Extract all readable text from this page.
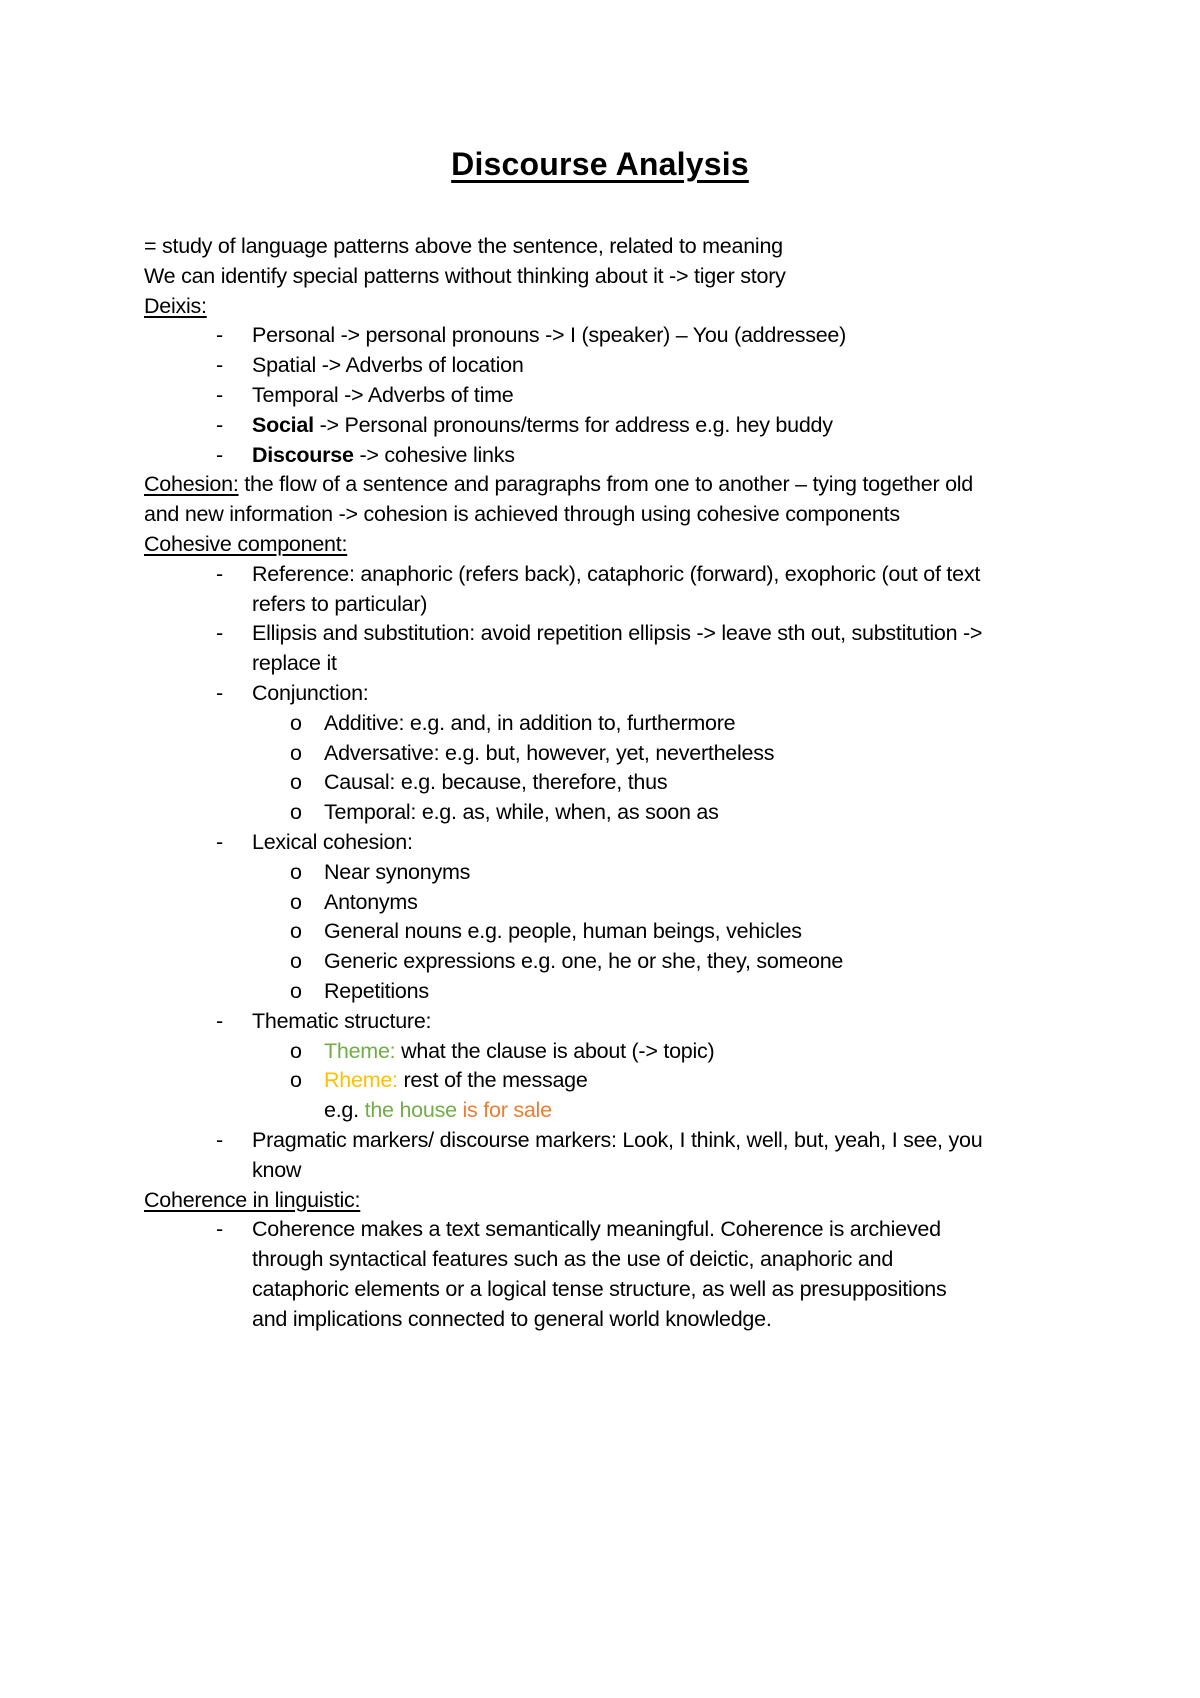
Discourse Analysis

= study of language patterns above the sentence, related to meaning

We can identify special patterns without thinking about it -> tiger story

Deixis:

- Personal -> personal pronouns -> I (speaker) – You (addressee)

- Spatial -> Adverbs of location

- Temporal -> Adverbs of time

- Social -> Personal pronouns/terms for address e.g. hey buddy

- Discourse -> cohesive links

Cohesion: the flow of a sentence and paragraphs from one to another – tying together old and new information -> cohesion is achieved through using cohesive components

Cohesive component:

- Reference: anaphoric (refers back), cataphoric (forward), exophoric (out of text refers to particular)

- Ellipsis and substitution: avoid repetition ellipsis -> leave sth out, substitution -> replace it

- Conjunction:

o Additive: e.g. and, in addition to, furthermore

o Adversative: e.g. but, however, yet, nevertheless

o Causal: e.g. because, therefore, thus

o Temporal: e.g. as, while, when, as soon as

- Lexical cohesion:

o Near synonyms

o Antonyms

o General nouns e.g. people, human beings, vehicles

o Generic expressions e.g. one, he or she, they, someone

o Repetitions

- Thematic structure:

o Theme: what the clause is about (-> topic)

o Rheme: rest of the message

e.g. the house is for sale

- Pragmatic markers/ discourse markers: Look, I think, well, but, yeah, I see, you know

Coherence in linguistic:

- Coherence makes a text semantically meaningful. Coherence is archieved through syntactical features such as the use of deictic, anaphoric and cataphoric elements or a logical tense structure, as well as presuppositions and implications connected to general world knowledge.
